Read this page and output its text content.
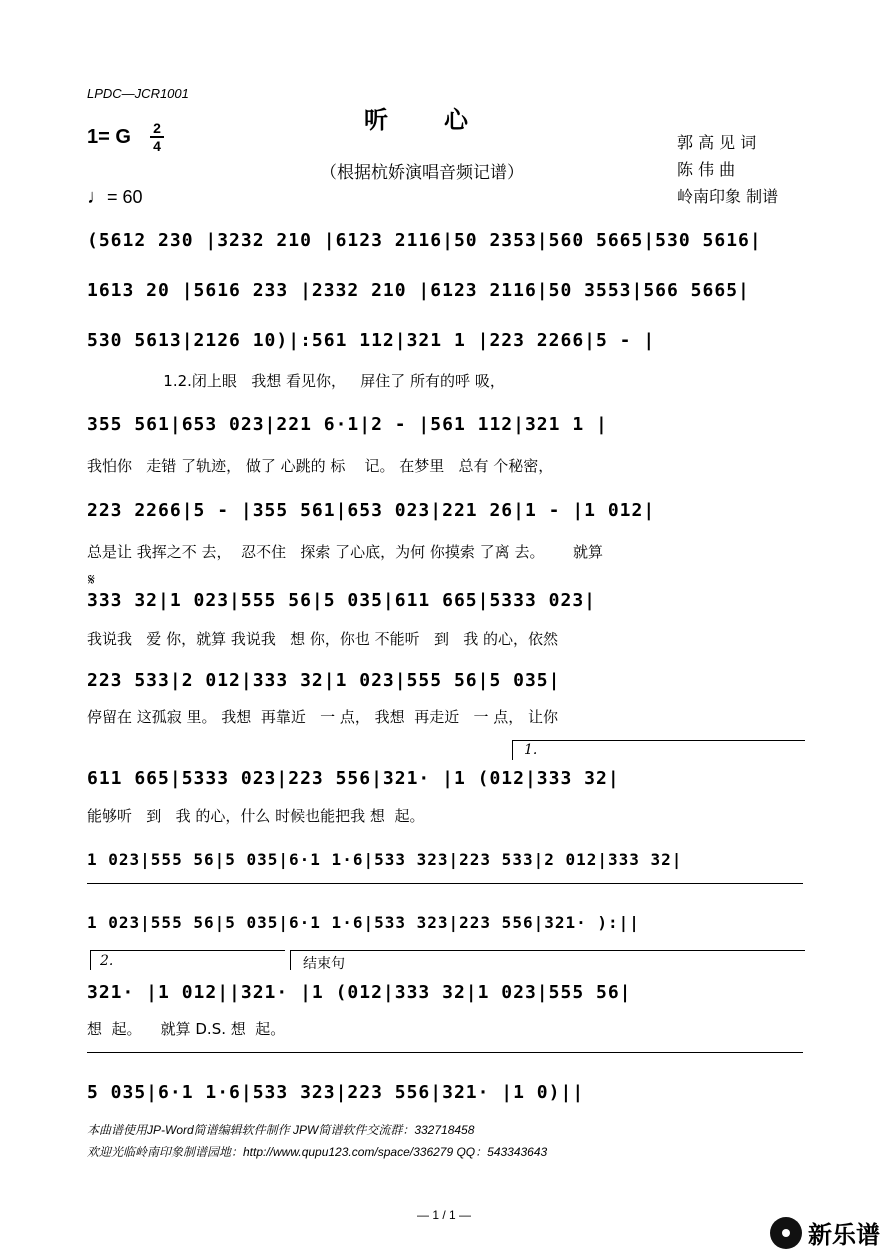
LPDC—JCR1001
听心
1= G 2
4
（根据杭娇演唱音频记谱）
郭 高 见 词
陈 伟 曲
岭南印象 制谱
♩= 60
(5612 230 |3232 210 |6123 2116|50 2353|560 5665|530 5616|
1613 20 |5616 233 |2332 210 |6123 2116|50 3553|566 5665|
530 5613|2126 10)|:561 112|321 1 |223 2266|5 - |
1.2.闭上眼   我想 看见你，   屏住了 所有的呼 吸，
355 561|653 023|221 6·1|2 - |561 112|321 1 |
我怕你   走错 了轨迹， 做了 心跳的 标    记。 在梦里   总有 个秘密，
223 2266|5 - |355 561|653 023|221 26|1 - |1 012|
总是让 我挥之不 去，  忍不住   探索 了心底，为何 你摸索 了离 去。      就算
𝄋
333 32|1 023|555 56|5 035|611 665|5333 023|
我说我   爱 你，就算 我说我   想 你，你也 不能听   到   我 的心，依然
223 533|2 012|333 32|1 023|555 56|5 035|
停留在 这孤寂 里。 我想  再靠近   一 点， 我想  再走近   一 点， 让你
1.
611 665|5333 023|223 556|321· |1 (012|333 32|
能够听   到   我 的心，什么 时候也能把我 想  起。
1 023|555 56|5 035|6·1 1·6|533 323|223 533|2 012|333 32|
1 023|555 56|5 035|6·1 1·6|533 323|223 556|321· ):||
2.	结束句
321· |1 012||321· |1 (012|333 32|1 023|555 56|
想  起。    就算 D.S. 想  起。
5 035|6·1 1·6|533 323|223 556|321· |1 0)||
本曲谱使用JP-Word简谱编辑软件制作 JPW简谱软件交流群：332718458
欢迎光临岭南印象制谱园地：http://www.qupu123.com/space/336279 QQ：543343643
— 1 / 1 —
新乐谱
